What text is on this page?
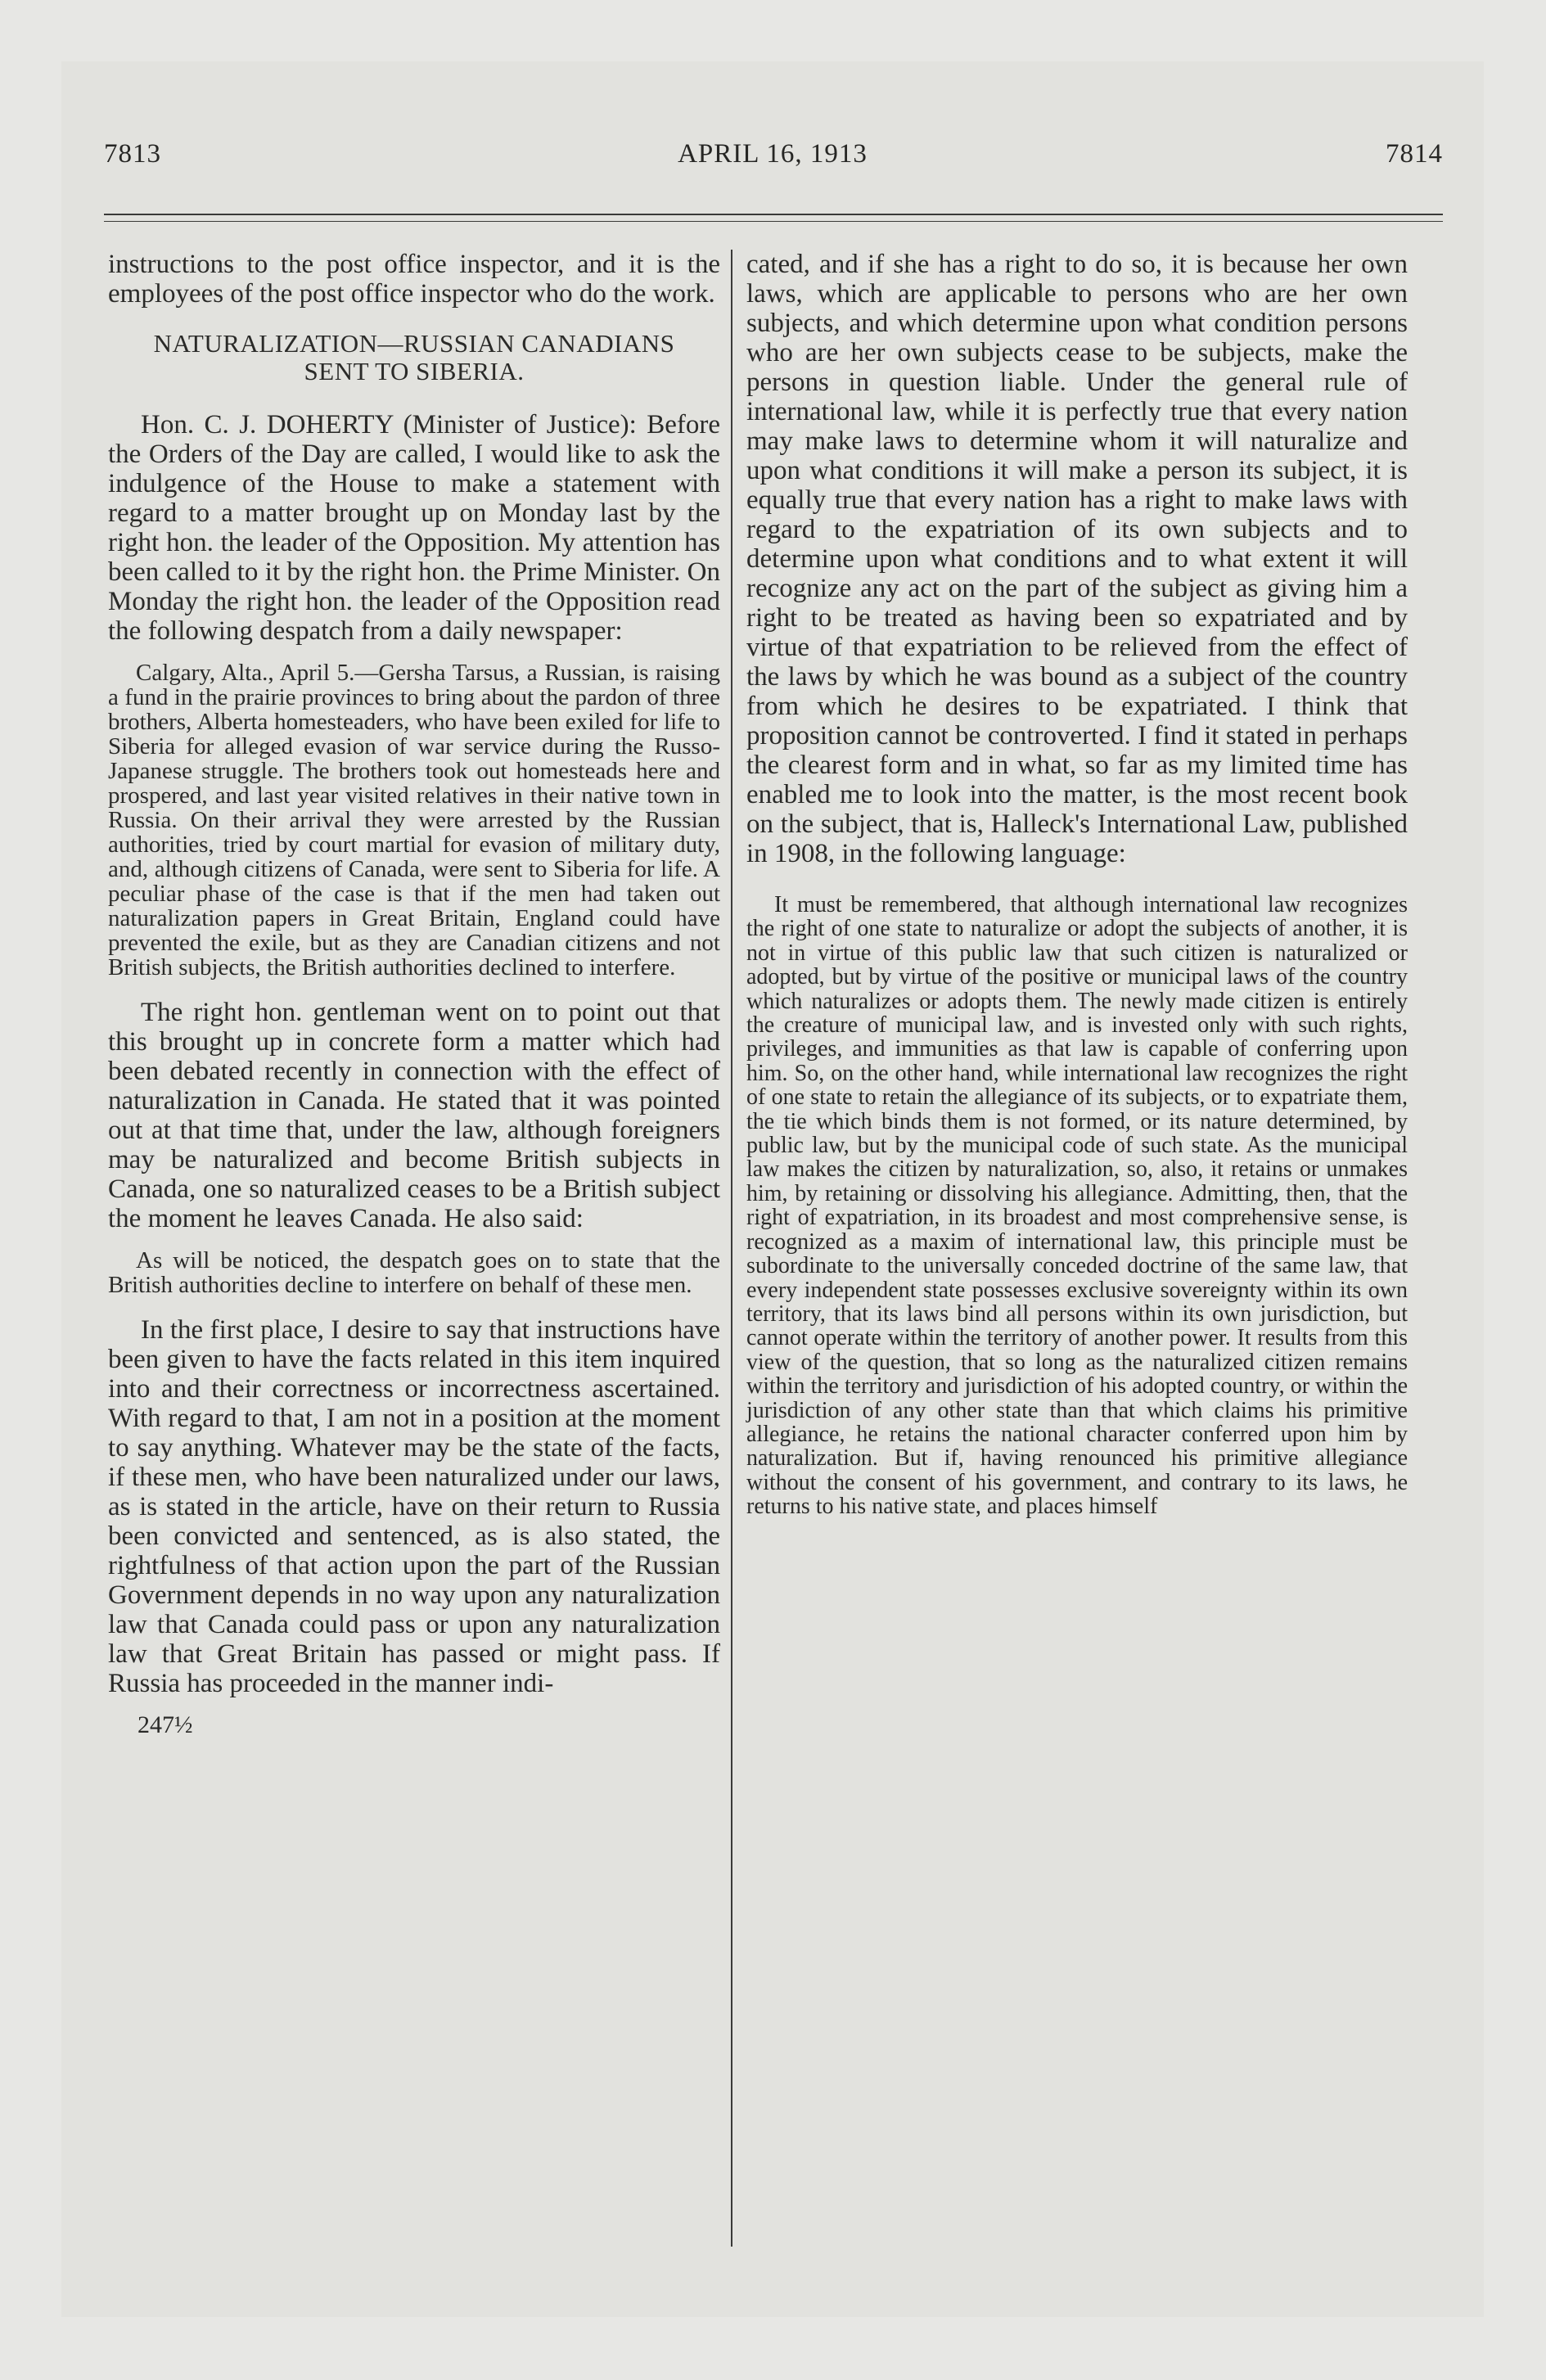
7813	APRIL 16, 1913	7814

instructions to the post office inspector, and it is the employees of the post office inspector who do the work.

NATURALIZATION—RUSSIAN CANADIANS SENT TO SIBERIA.

Hon. C. J. DOHERTY (Minister of Justice): Before the Orders of the Day are called, I would like to ask the indulgence of the House to make a statement with regard to a matter brought up on Monday last by the right hon. the leader of the Opposition. My attention has been called to it by the right hon. the Prime Minister. On Monday the right hon. the leader of the Opposition read the following despatch from a daily newspaper:

Calgary, Alta., April 5.—Gersha Tarsus, a Russian, is raising a fund in the prairie provinces to bring about the pardon of three brothers, Alberta homesteaders, who have been exiled for life to Siberia for alleged evasion of war service during the Russo-Japanese struggle. The brothers took out homesteads here and prospered, and last year visited relatives in their native town in Russia. On their arrival they were arrested by the Russian authorities, tried by court martial for evasion of military duty, and, although citizens of Canada, were sent to Siberia for life. A peculiar phase of the case is that if the men had taken out naturalization papers in Great Britain, England could have prevented the exile, but as they are Canadian citizens and not British subjects, the British authorities declined to interfere.

The right hon. gentleman went on to point out that this brought up in concrete form a matter which had been debated recently in connection with the effect of naturalization in Canada. He stated that it was pointed out at that time that, under the law, although foreigners may be naturalized and become British subjects in Canada, one so naturalized ceases to be a British subject the moment he leaves Canada. He also said:

As will be noticed, the despatch goes on to state that the British authorities decline to interfere on behalf of these men.

In the first place, I desire to say that instructions have been given to have the facts related in this item inquired into and their correctness or incorrectness ascertained. With regard to that, I am not in a position at the moment to say anything. Whatever may be the state of the facts, if these men, who have been naturalized under our laws, as is stated in the article, have on their return to Russia been convicted and sentenced, as is also stated, the rightfulness of that action upon the part of the Russian Government depends in no way upon any naturalization law that Canada could pass or upon any naturalization law that Great Britain has passed or might pass. If Russia has proceeded in the manner indi-

247½

cated, and if she has a right to do so, it is because her own laws, which are applicable to persons who are her own subjects, and which determine upon what condition persons who are her own subjects cease to be subjects, make the persons in question liable. Under the general rule of international law, while it is perfectly true that every nation may make laws to determine whom it will naturalize and upon what conditions it will make a person its subject, it is equally true that every nation has a right to make laws with regard to the expatriation of its own subjects and to determine upon what conditions and to what extent it will recognize any act on the part of the subject as giving him a right to be treated as having been so expatriated and by virtue of that expatriation to be relieved from the effect of the laws by which he was bound as a subject of the country from which he desires to be expatriated. I think that proposition cannot be controverted. I find it stated in perhaps the clearest form and in what, so far as my limited time has enabled me to look into the matter, is the most recent book on the subject, that is, Halleck's International Law, published in 1908, in the following language:

It must be remembered, that although international law recognizes the right of one state to naturalize or adopt the subjects of another, it is not in virtue of this public law that such citizen is naturalized or adopted, but by virtue of the positive or municipal laws of the country which naturalizes or adopts them. The newly made citizen is entirely the creature of municipal law, and is invested only with such rights, privileges, and immunities as that law is capable of conferring upon him. So, on the other hand, while international law recognizes the right of one state to retain the allegiance of its subjects, or to expatriate them, the tie which binds them is not formed, or its nature determined, by public law, but by the municipal code of such state. As the municipal law makes the citizen by naturalization, so, also, it retains or unmakes him, by retaining or dissolving his allegiance. Admitting, then, that the right of expatriation, in its broadest and most comprehensive sense, is recognized as a maxim of international law, this principle must be subordinate to the universally conceded doctrine of the same law, that every independent state possesses exclusive sovereignty within its own territory, that its laws bind all persons within its own jurisdiction, but cannot operate within the territory of another power. It results from this view of the question, that so long as the naturalized citizen remains within the territory and jurisdiction of his adopted country, or within the jurisdiction of any other state than that which claims his primitive allegiance, he retains the national character conferred upon him by naturalization. But if, having renounced his primitive allegiance without the consent of his government, and contrary to its laws, he returns to his native state, and places himself
